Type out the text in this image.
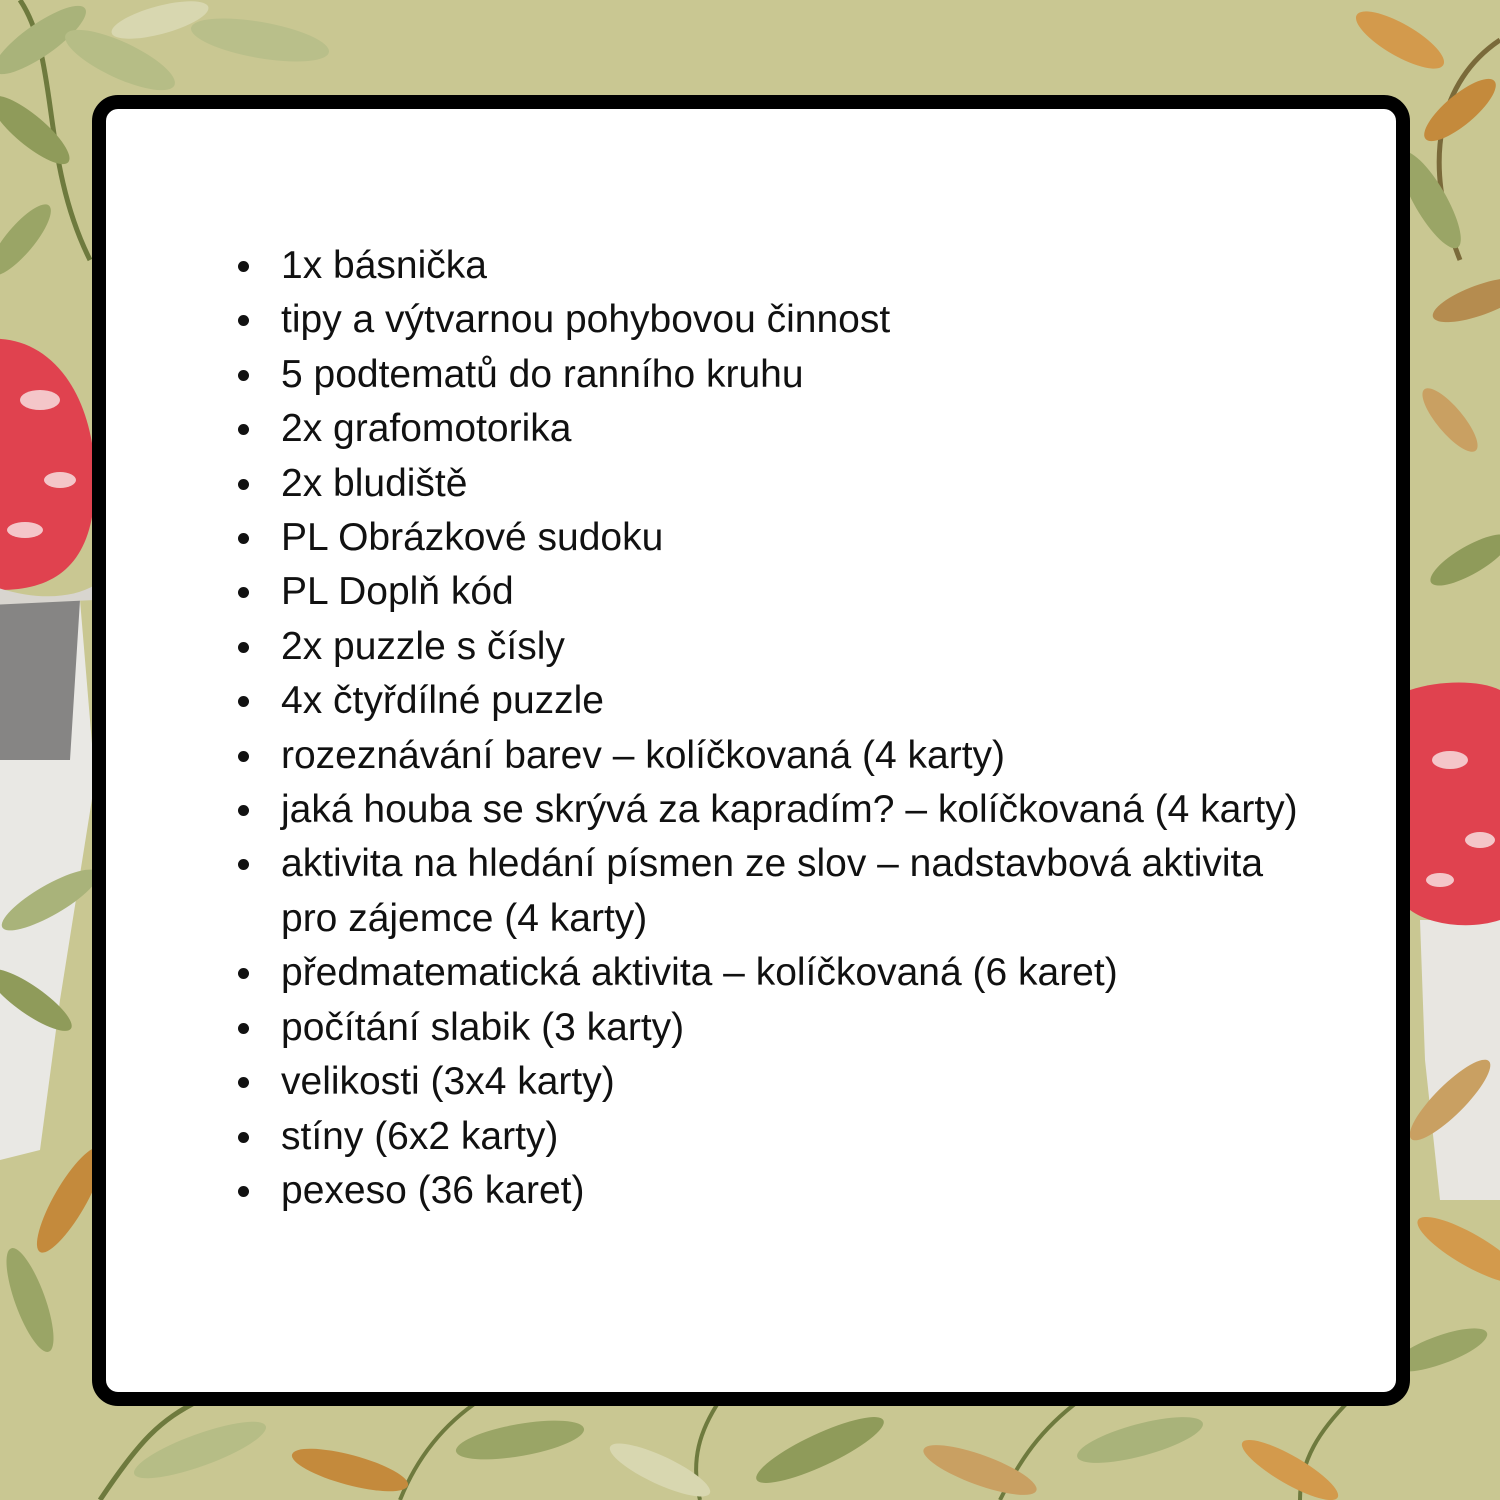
1x básnička
tipy a výtvarnou pohybovou činnost
5 podtematů do ranního kruhu
2x grafomotorika
2x bludiště
PL Obrázkové sudoku
PL Doplň kód
2x puzzle s čísly
4x čtyřdílné puzzle
rozeznávání barev – kolíčkovaná (4 karty)
jaká houba se skrývá za kapradím? – kolíčkovaná (4 karty)
aktivita na hledání písmen ze slov – nadstavbová aktivita pro zájemce (4 karty)
předmatematická aktivita – kolíčkovaná (6 karet)
počítání slabik (3 karty)
velikosti (3x4 karty)
stíny (6x2 karty)
pexeso (36 karet)
